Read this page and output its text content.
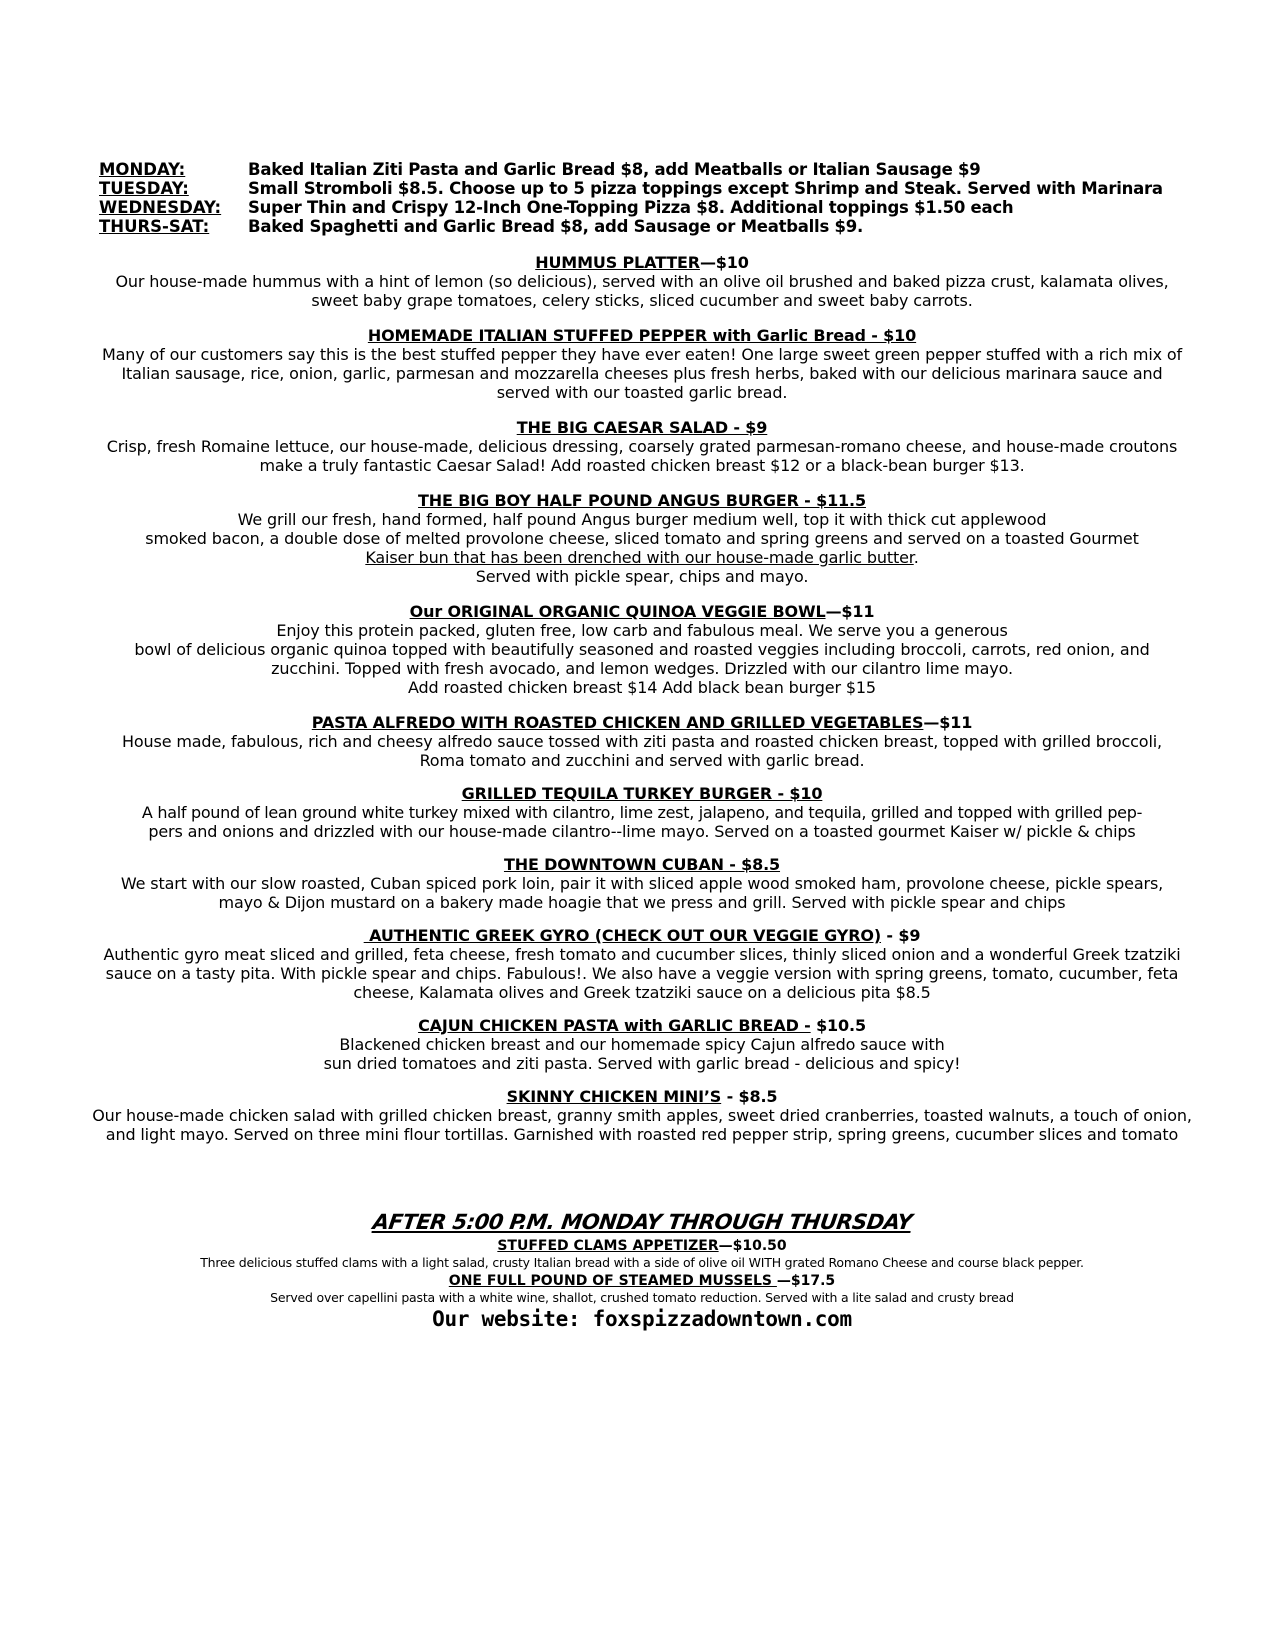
MONDAY:	Baked Italian Ziti Pasta and Garlic Bread $8, add Meatballs or Italian Sausage $9
TUESDAY:	Small Stromboli $8.5. Choose up to 5 pizza toppings except Shrimp and Steak. Served with Marinara
WEDNESDAY:	Super Thin and Crispy 12-Inch One-Topping Pizza $8. Additional toppings $1.50 each
THURS-SAT:	Baked Spaghetti and Garlic Bread $8, add Sausage or Meatballs $9.
HUMMUS PLATTER—$10

Our house-made hummus with a hint of lemon (so delicious), served with an olive oil brushed and baked pizza crust, kalamata olives, sweet baby grape tomatoes, celery sticks, sliced cucumber and sweet baby carrots.

HOMEMADE ITALIAN STUFFED PEPPER with Garlic Bread - $10

Many of our customers say this is the best stuffed pepper they have ever eaten! One large sweet green pepper stuffed with a rich mix of Italian sausage, rice, onion, garlic, parmesan and mozzarella cheeses plus fresh herbs, baked with our delicious marinara sauce and served with our toasted garlic bread.

THE BIG CAESAR SALAD - $9

Crisp, fresh Romaine lettuce, our house-made, delicious dressing, coarsely grated parmesan-romano cheese, and house-made croutons make a truly fantastic Caesar Salad! Add roasted chicken breast $12 or a black-bean burger $13.

THE BIG BOY HALF POUND ANGUS BURGER - $11.5
We grill our fresh, hand formed, half pound Angus burger medium well, top it with thick cut applewood
smoked bacon, a double dose of melted provolone cheese, sliced tomato and spring greens and served on a toasted Gourmet
Kaiser bun that has been drenched with our house-made garlic butter.
Served with pickle spear, chips and mayo.
Our ORIGINAL ORGANIC QUINOA VEGGIE BOWL—$11
Enjoy this protein packed, gluten free, low carb and fabulous meal. We serve you a generous
bowl of delicious organic quinoa topped with beautifully seasoned and roasted veggies including broccoli, carrots, red onion, and zucchini. Topped with fresh avocado, and lemon wedges. Drizzled with our cilantro lime mayo.
Add roasted chicken breast $14 Add black bean burger $15
PASTA ALFREDO WITH ROASTED CHICKEN AND GRILLED VEGETABLES—$11

House made, fabulous, rich and cheesy alfredo sauce tossed with ziti pasta and roasted chicken breast, topped with grilled broccoli, Roma tomato and zucchini and served with garlic bread.

GRILLED TEQUILA TURKEY BURGER - $10
A half pound of lean ground white turkey mixed with cilantro, lime zest, jalapeno, and tequila, grilled and topped with grilled pep-
pers and onions and drizzled with our house-made cilantro--lime mayo. Served on a toasted gourmet Kaiser w/ pickle & chips
THE DOWNTOWN CUBAN - $8.5

We start with our slow roasted, Cuban spiced pork loin, pair it with sliced apple wood smoked ham, provolone cheese, pickle spears, mayo & Dijon mustard on a bakery made hoagie that we press and grill. Served with pickle spear and chips

AUTHENTIC GREEK GYRO (CHECK OUT OUR VEGGIE GYRO) - $9

Authentic gyro meat sliced and grilled, feta cheese, fresh tomato and cucumber slices, thinly sliced onion and a wonderful Greek tzatziki sauce on a tasty pita. With pickle spear and chips. Fabulous!. We also have a veggie version with spring greens, tomato, cucumber, feta cheese, Kalamata olives and Greek tzatziki sauce on a delicious pita $8.5

CAJUN CHICKEN PASTA with GARLIC BREAD - $10.5
Blackened chicken breast and our homemade spicy Cajun alfredo sauce with
sun dried tomatoes and ziti pasta. Served with garlic bread - delicious and spicy!
SKINNY CHICKEN MINI’S - $8.5

Our house-made chicken salad with grilled chicken breast, granny smith apples, sweet dried cranberries, toasted walnuts, a touch of onion, and light mayo. Served on three mini flour tortillas. Garnished with roasted red pepper strip, spring greens, cucumber slices and tomato

AFTER 5:00 P.M. MONDAY THROUGH THURSDAY
STUFFED CLAMS APPETIZER—$10.50
Three delicious stuffed clams with a light salad, crusty Italian bread with a side of olive oil WITH grated Romano Cheese and course black pepper.
ONE FULL POUND OF STEAMED MUSSELS —$17.5
Served over capellini pasta with a white wine, shallot, crushed tomato reduction. Served with a lite salad and crusty bread
Our website: foxspizzadowntown.com
